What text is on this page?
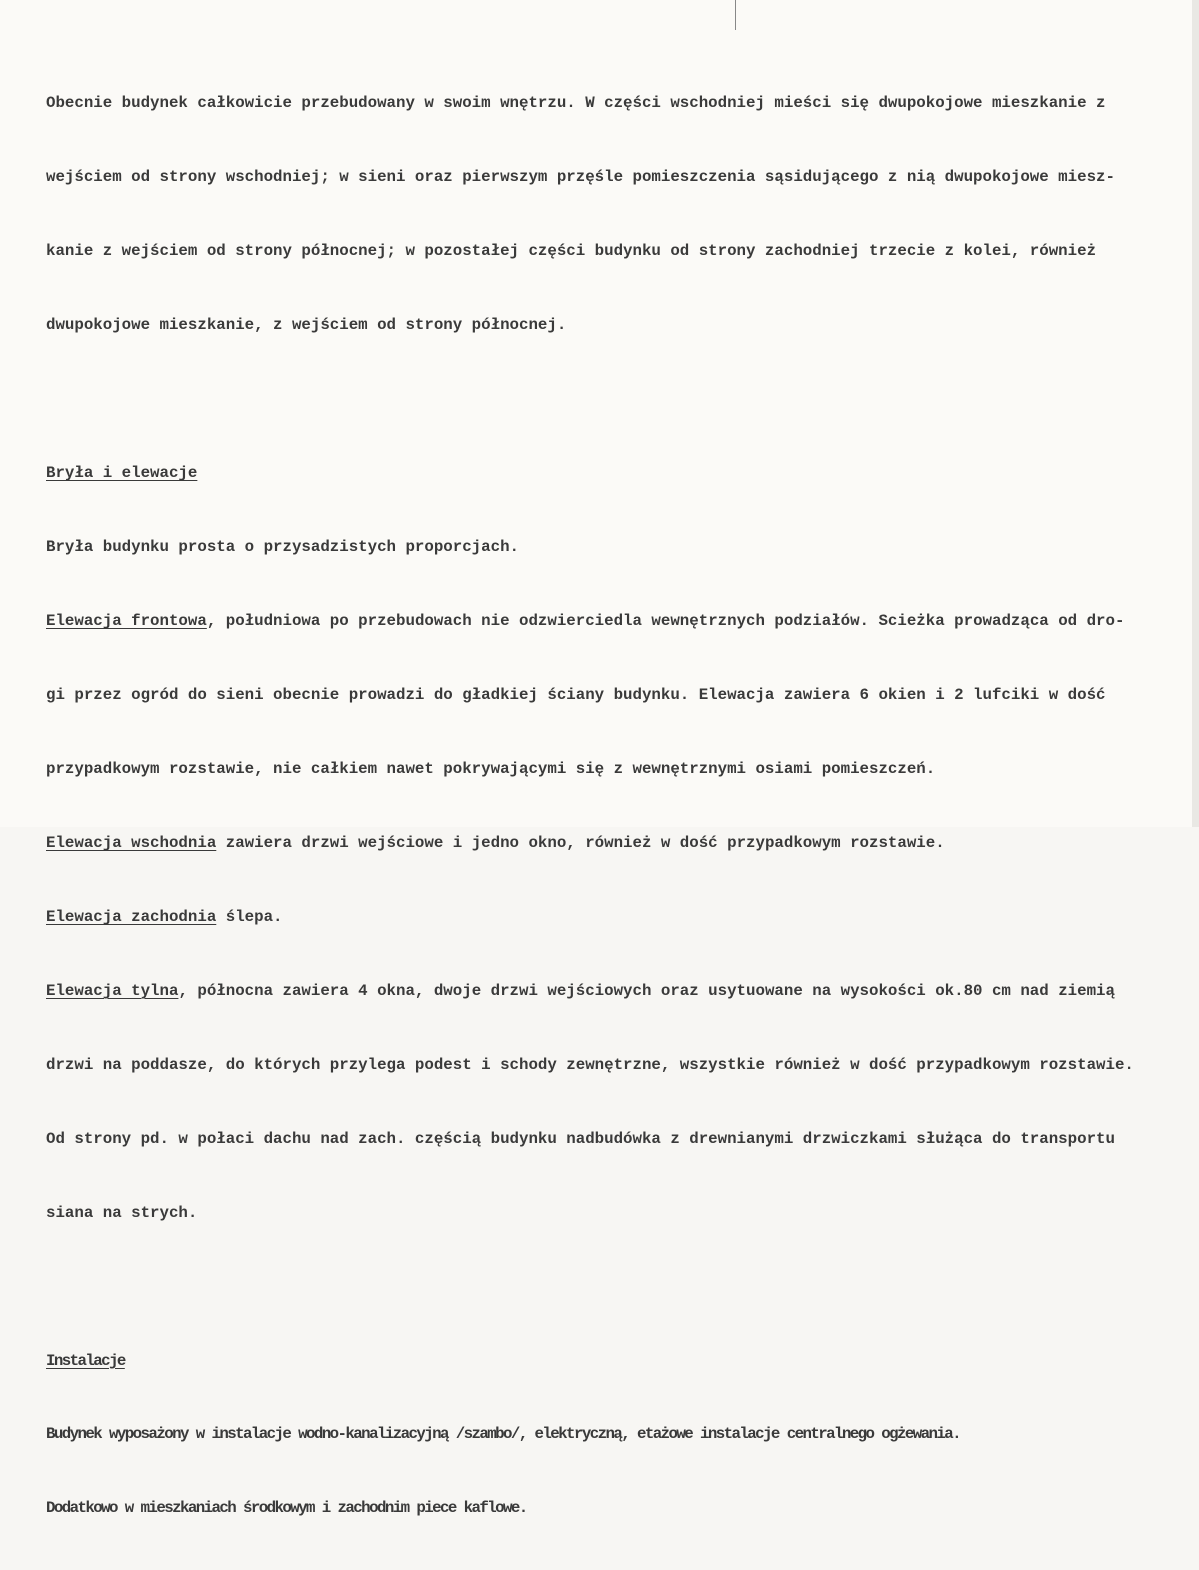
Obecnie budynek całkowicie przebudowany w swoim wnętrzu. W części wschodniej mieści się dwupokojowe mieszkanie z

wejściem od strony wschodniej; w sieni oraz pierwszym przęśle pomieszczenia sąsidującego z nią dwupokojowe miesz-

kanie z wejściem od strony północnej; w pozostałej części budynku od strony zachodniej trzecie z kolei, również

dwupokojowe mieszkanie, z wejściem od strony północnej.

Bryła i elewacje

Bryła budynku prosta o przysadzistych proporcjach.

Elewacja frontowa, południowa po przebudowach nie odzwierciedla wewnętrznych podziałów. Scieżka prowadząca od dro-

gi przez ogród do sieni obecnie prowadzi do gładkiej ściany budynku. Elewacja zawiera 6 okien i 2 lufciki w dość

przypadkowym rozstawie, nie całkiem nawet pokrywającymi się z wewnętrznymi osiami pomieszczeń.

Elewacja wschodnia zawiera drzwi wejściowe i jedno okno, również w dość przypadkowym rozstawie.

Elewacja zachodnia ślepa.

Elewacja tylna, północna zawiera 4 okna, dwoje drzwi wejściowych oraz usytuowane na wysokości ok.80 cm nad ziemią

drzwi na poddasze, do których przylega podest i schody zewnętrzne, wszystkie również w dość przypadkowym rozstawie.

Od strony pd. w połaci dachu nad zach. częścią budynku nadbudówka z drewnianymi drzwiczkami służąca do transportu

siana na strych.

Instalacje

Budynek wyposażony w instalacje wodno-kanalizacyjną /szambo/, elektryczną, etażowe instalacje centralnego ogżewania.

Dodatkowo w mieszkaniach środkowym i zachodnim piece kaflowe.
